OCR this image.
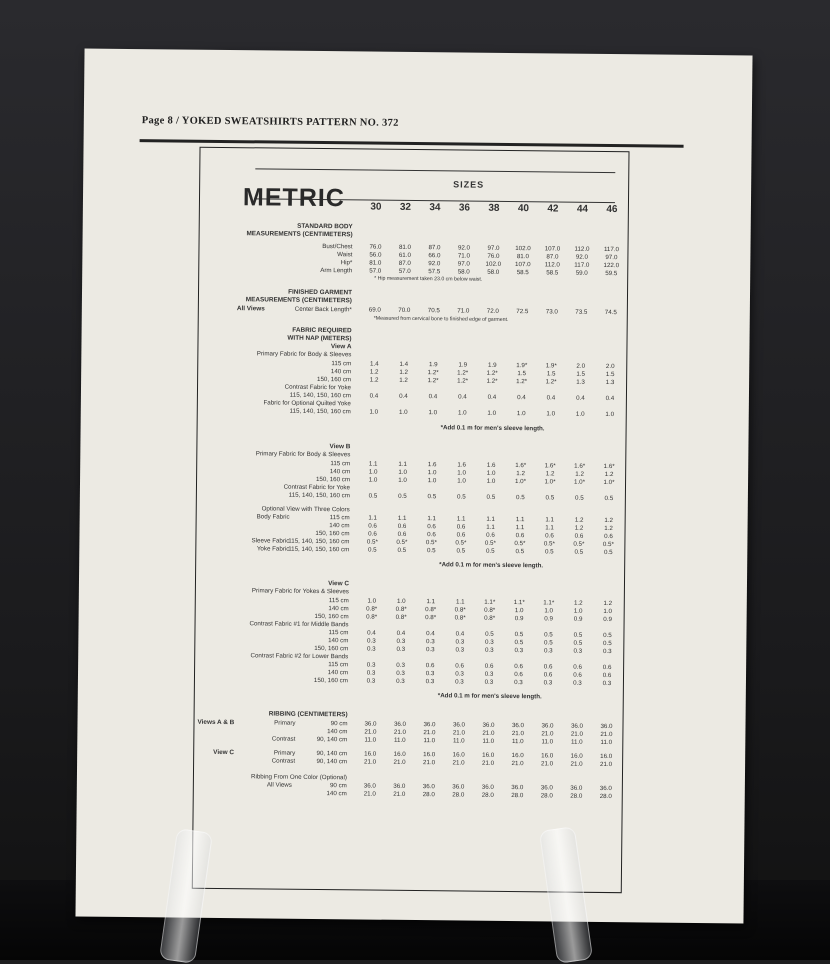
Page 8 / YOKED SWEATSHIRTS PATTERN NO. 372
METRIC	SIZES
30	32	34	36	38	40	42	44	46
STANDARD BODY
MEASUREMENTS (CENTIMETERS)
Bust/Chest	76.0	81.0	87.0	92.0	97.0	102.0	107.0	112.0	117.0
Waist	56.0	61.0	66.0	71.0	76.0	81.0	87.0	92.0	97.0
Hip*	81.0	87.0	92.0	97.0	102.0	107.0	112.0	117.0	122.0
Arm Length	57.0	57.0	57.5	58.0	58.0	58.5	58.5	59.0	59.5
* Hip measurement taken 23.0 cm below waist.
FINISHED GARMENT
MEASUREMENTS (CENTIMETERS)
All Views	Center Back Length*	69.0	70.0	70.5	71.0	72.0	72.5	73.0	73.5	74.5
*Measured from cervical bone to finished edge of garment.
FABRIC REQUIRED
WITH NAP (METERS)
View A
Primary Fabric for Body & Sleeves
115 cm	1.4	1.4	1.9	1.9	1.9	1.9*	1.9*	2.0	2.0
140 cm	1.2	1.2	1.2*	1.2*	1.2*	1.5	1.5	1.5	1.5
150, 160 cm	1.2	1.2	1.2*	1.2*	1.2*	1.2*	1.2*	1.3	1.3
Contrast Fabric for Yoke
115, 140, 150, 160 cm	0.4	0.4	0.4	0.4	0.4	0.4	0.4	0.4	0.4
Fabric for Optional Quilted Yoke
115, 140, 150, 160 cm	1.0	1.0	1.0	1.0	1.0	1.0	1.0	1.0	1.0
*Add 0.1 m for men's sleeve length.
View B
Primary Fabric for Body & Sleeves
115 cm	1.1	1.1	1.6	1.6	1.6	1.6*	1.6*	1.6*	1.6*
140 cm	1.0	1.0	1.0	1.0	1.0	1.2	1.2	1.2	1.2
150, 160 cm	1.0	1.0	1.0	1.0	1.0	1.0*	1.0*	1.0*	1.0*
Contrast Fabric for Yoke
115, 140, 150, 160 cm	0.5	0.5	0.5	0.5	0.5	0.5	0.5	0.5	0.5
Optional View with Three Colors
Body Fabric	115 cm	1.1	1.1	1.1	1.1	1.1	1.1	1.1	1.2	1.2
140 cm	0.6	0.6	0.6	0.6	1.1	1.1	1.1	1.2	1.2
150, 160 cm	0.6	0.6	0.6	0.6	0.6	0.6	0.6	0.6	0.6
Sleeve Fabric
115, 140, 150, 160 cm	0.5*	0.5*	0.5*	0.5*	0.5*	0.5*	0.5*	0.5*	0.5*
Yoke Fabric
115, 140, 150, 160 cm	0.5	0.5	0.5	0.5	0.5	0.5	0.5	0.5	0.5
*Add 0.1 m for men's sleeve length.
View C
Primary Fabric for Yokes & Sleeves
115 cm	1.0	1.0	1.1	1.1	1.1*	1.1*	1.1*	1.2	1.2
140 cm	0.8*	0.8*	0.8*	0.8*	0.8*	1.0	1.0	1.0	1.0
150, 160 cm	0.8*	0.8*	0.8*	0.8*	0.8*	0.9	0.9	0.9	0.9
Contrast Fabric #1 for Middle Bands
115 cm	0.4	0.4	0.4	0.4	0.5	0.5	0.5	0.5	0.5
140 cm	0.3	0.3	0.3	0.3	0.3	0.5	0.5	0.5	0.5
150, 160 cm	0.3	0.3	0.3	0.3	0.3	0.3	0.3	0.3	0.3
Contrast Fabric #2 for Lower Bands
115 cm	0.3	0.3	0.6	0.6	0.6	0.6	0.6	0.6	0.6
140 cm	0.3	0.3	0.3	0.3	0.3	0.6	0.6	0.6	0.6
150, 160 cm	0.3	0.3	0.3	0.3	0.3	0.3	0.3	0.3	0.3
*Add 0.1 m for men's sleeve length.
RIBBING (CENTIMETERS)
Views A & B	Primary	90 cm	36.0	36.0	36.0	36.0	36.0	36.0	36.0	36.0	36.0
140 cm	21.0	21.0	21.0	21.0	21.0	21.0	21.0	21.0	21.0
Contrast	90, 140 cm	11.0	11.0	11.0	11.0	11.0	11.0	11.0	11.0	11.0
View C	Primary	90, 140 cm	16.0	16.0	16.0	16.0	16.0	16.0	16.0	16.0	16.0
Contrast	90, 140 cm	21.0	21.0	21.0	21.0	21.0	21.0	21.0	21.0	21.0
Ribbing From One Color (Optional)
All Views	90 cm	36.0	36.0	36.0	36.0	36.0	36.0	36.0	36.0	36.0
140 cm	21.0	21.0	28.0	28.0	28.0	28.0	28.0	28.0	28.0
